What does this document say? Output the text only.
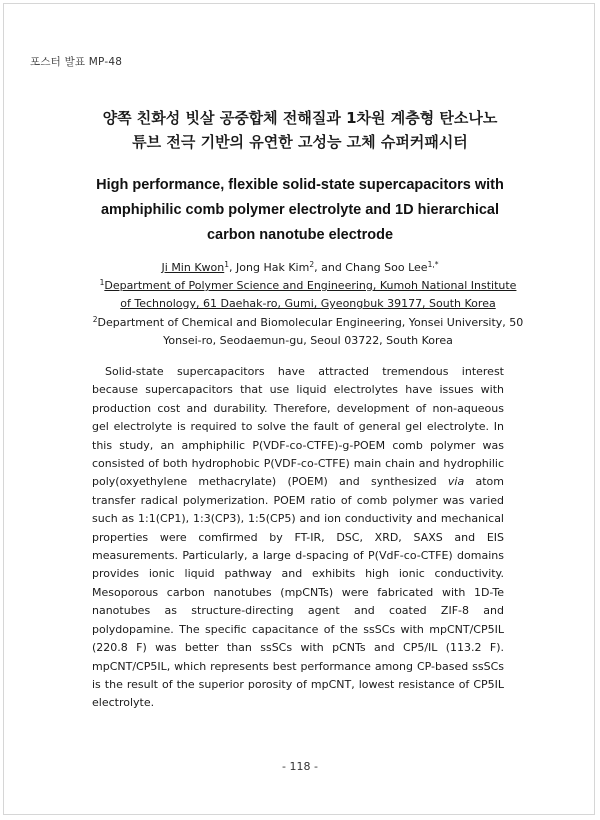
포스터 발표 MP-48
양쪽 친화성 빗살 공중합체 전해질과 1차원 계층형 탄소나노
튜브 전극 기반의 유연한 고성능 고체 슈퍼커패시터
High performance, flexible solid-state supercapacitors with
amphiphilic comb polymer electrolyte and 1D hierarchical
carbon nanotube electrode
Ji Min Kwon$^1$, Jong Hak Kim$^2$, and Chang Soo Lee$^{1,*}$
$^1$Department of Polymer Science and Engineering, Kumoh National Institute
of Technology, 61 Daehak-ro, Gumi, Gyeongbuk 39177, South Korea
$^2$Department of Chemical and Biomolecular Engineering, Yonsei University, 50
Yonsei-ro, Seodaemun-gu, Seoul 03722, South Korea

Solid-state supercapacitors have attracted tremendous interest because supercapacitors that use liquid electrolytes have issues with production cost and durability. Therefore, development of non-aqueous gel electrolyte is required to solve the fault of general gel electrolyte. In this study, an amphiphilic P(VDF-co-CTFE)-g-POEM comb polymer was consisted of both hydrophobic P(VDF-co-CTFE) main chain and hydrophilic poly(oxyethylene methacrylate) (POEM) and synthesized via atom transfer radical polymerization. POEM ratio of comb polymer was varied such as 1:1(CP1), 1:3(CP3), 1:5(CP5) and ion conductivity and mechanical properties were comfirmed by FT-IR, DSC, XRD, SAXS and EIS measurements. Particularly, a large d-spacing of P(VdF-co-CTFE) domains provides ionic liquid pathway and exhibits high ionic conductivity. Mesoporous carbon nanotubes (mpCNTs) were fabricated with 1D-Te nanotubes as structure-directing agent and coated ZIF-8 and polydopamine. The specific capacitance of the ssSCs with mpCNT/CP5IL (220.8 F) was better than ssSCs with pCNTs and CP5/IL (113.2 F). mpCNT/CP5IL, which represents best performance among CP-based ssSCs is the result of the superior porosity of mpCNT, lowest resistance of CP5IL electrolyte.

- 118 -
